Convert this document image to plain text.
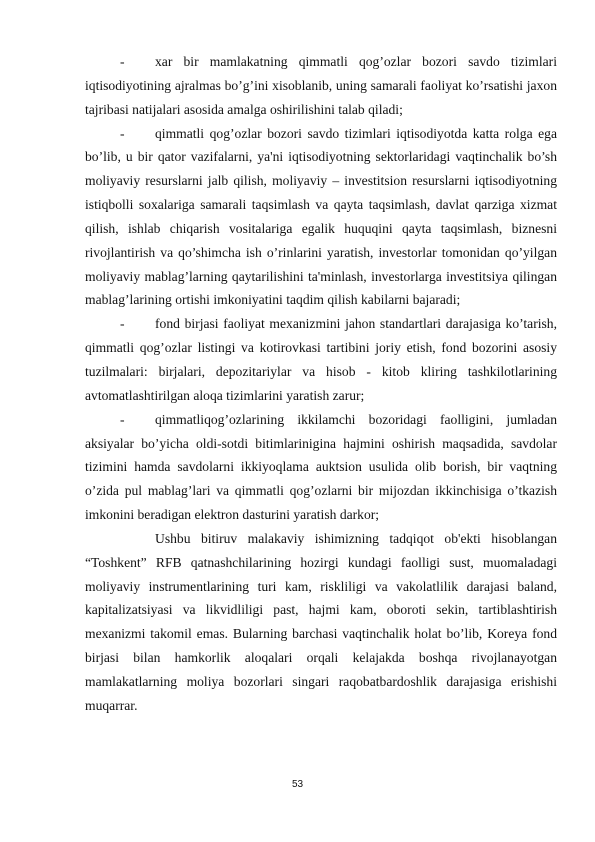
- xar bir mamlakatning qimmatli qog’ozlar bozori savdo tizimlari iqtisodiyotining ajralmas bo’g’ini xisoblanib, uning samarali faoliyat ko’rsatishi jaxon tajribasi natijalari asosida amalga oshirilishini talab qiladi;

- qimmatli qog’ozlar bozori savdo tizimlari iqtisodiyotda katta rolga ega bo’lib, u bir qator vazifalarni, ya'ni iqtisodiyotning sektorlaridagi vaqtinchalik bo’sh moliyaviy resurslarni jalb qilish, moliyaviy – investitsion resurslarni iqtisodiyotning istiqbolli soxalariga samarali taqsimlash va qayta taqsimlash, davlat qarziga xizmat qilish, ishlab chiqarish vositalariga egalik huquqini qayta taqsimlash, biznesni rivojlantirish va qo’shimcha ish o’rinlarini yaratish, investorlar tomonidan qo’yilgan moliyaviy mablag’larning qaytarilishini ta'minlash, investorlarga investitsiya qilingan mablag’larining ortishi imkoniyatini taqdim qilish kabilarni bajaradi;

- fond birjasi faoliyat mexanizmini jahon standartlari darajasiga ko’tarish, qimmatli qog’ozlar listingi va kotirovkasi tartibini joriy etish, fond bozorini asosiy tuzilmalari: birjalari, depozitariylar va hisob - kitob kliring tashkilotlarining avtomatlashtirilgan aloqa tizimlarini yaratish zarur;

- qimmatliqog’ozlarining ikkilamchi bozoridagi faolligini, jumladan aksiyalar bo’yicha oldi-sotdi bitimlarinigina hajmini oshirish maqsadida, savdolar tizimini hamda savdolarni ikkiyoqlama auktsion usulida olib borish, bir vaqtning o’zida pul mablag’lari va qimmatli qog’ozlarni bir mijozdan ikkinchisiga o’tkazish imkonini beradigan elektron dasturini yaratish darkor;

Ushbu bitiruv malakaviy ishimizning tadqiqot ob'ekti hisoblangan “Toshkent” RFB qatnashchilarining hozirgi kundagi faolligi sust, muomaladagi moliyaviy instrumentlarining turi kam, riskliligi va vakolatlilik darajasi baland, kapitalizatsiyasi va likvidliligi past, hajmi kam, oboroti sekin, tartiblashtirish mexanizmi takomil emas. Bularning barchasi vaqtinchalik holat bo’lib, Koreya fond birjasi bilan hamkorlik aloqalari orqali kelajakda boshqa rivojlanayotgan mamlakatlarning moliya bozorlari singari raqobatbardoshlik darajasiga erishishi muqarrar.

53
